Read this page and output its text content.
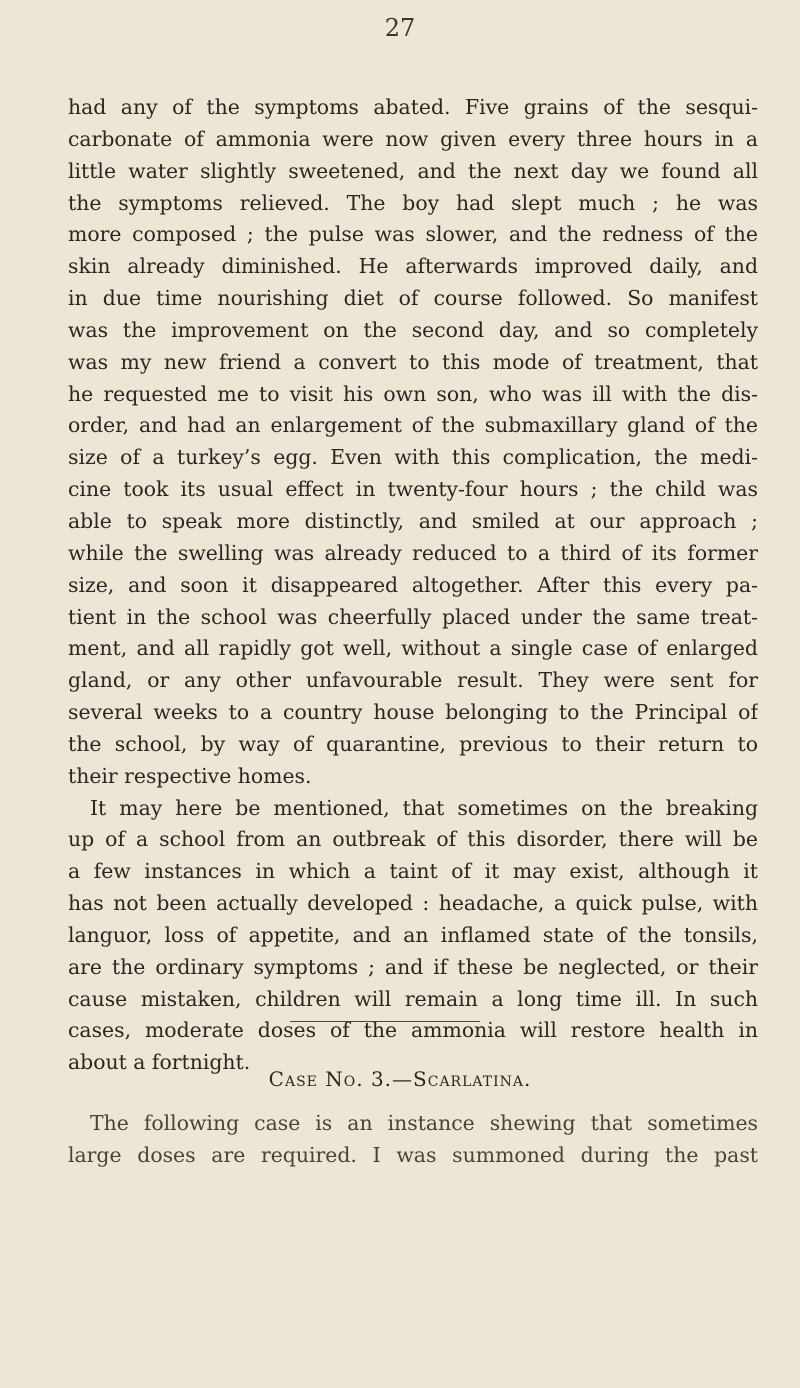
27
had any of the symptoms abated. Five grains of the sesqui-
carbonate of ammonia were now given every three hours in a
little water slightly sweetened, and the next day we found all
the symptoms relieved. The boy had slept much ; he was
more composed ; the pulse was slower, and the redness of the
skin already diminished. He afterwards improved daily, and
in due time nourishing diet of course followed. So manifest
was the improvement on the second day, and so completely
was my new friend a convert to this mode of treatment, that
he requested me to visit his own son, who was ill with the dis-
order, and had an enlargement of the submaxillary gland of the
size of a turkey’s egg. Even with this complication, the medi-
cine took its usual effect in twenty-four hours ; the child was
able to speak more distinctly, and smiled at our approach ;
while the swelling was already reduced to a third of its former
size, and soon it disappeared altogether. After this every pa-
tient in the school was cheerfully placed under the same treat-
ment, and all rapidly got well, without a single case of enlarged
gland, or any other unfavourable result. They were sent for
several weeks to a country house belonging to the Principal of
the school, by way of quarantine, previous to their return to
their respective homes.
It may here be mentioned, that sometimes on the breaking
up of a school from an outbreak of this disorder, there will be
a few instances in which a taint of it may exist, although it
has not been actually developed : headache, a quick pulse, with
languor, loss of appetite, and an inflamed state of the tonsils,
are the ordinary symptoms ; and if these be neglected, or their
cause mistaken, children will remain a long time ill. In such
cases, moderate doses of the ammonia will restore health in
about a fortnight.
Case No. 3.—Scarlatina.
The following case is an instance shewing that sometimes
large doses are required. I was summoned during the past
